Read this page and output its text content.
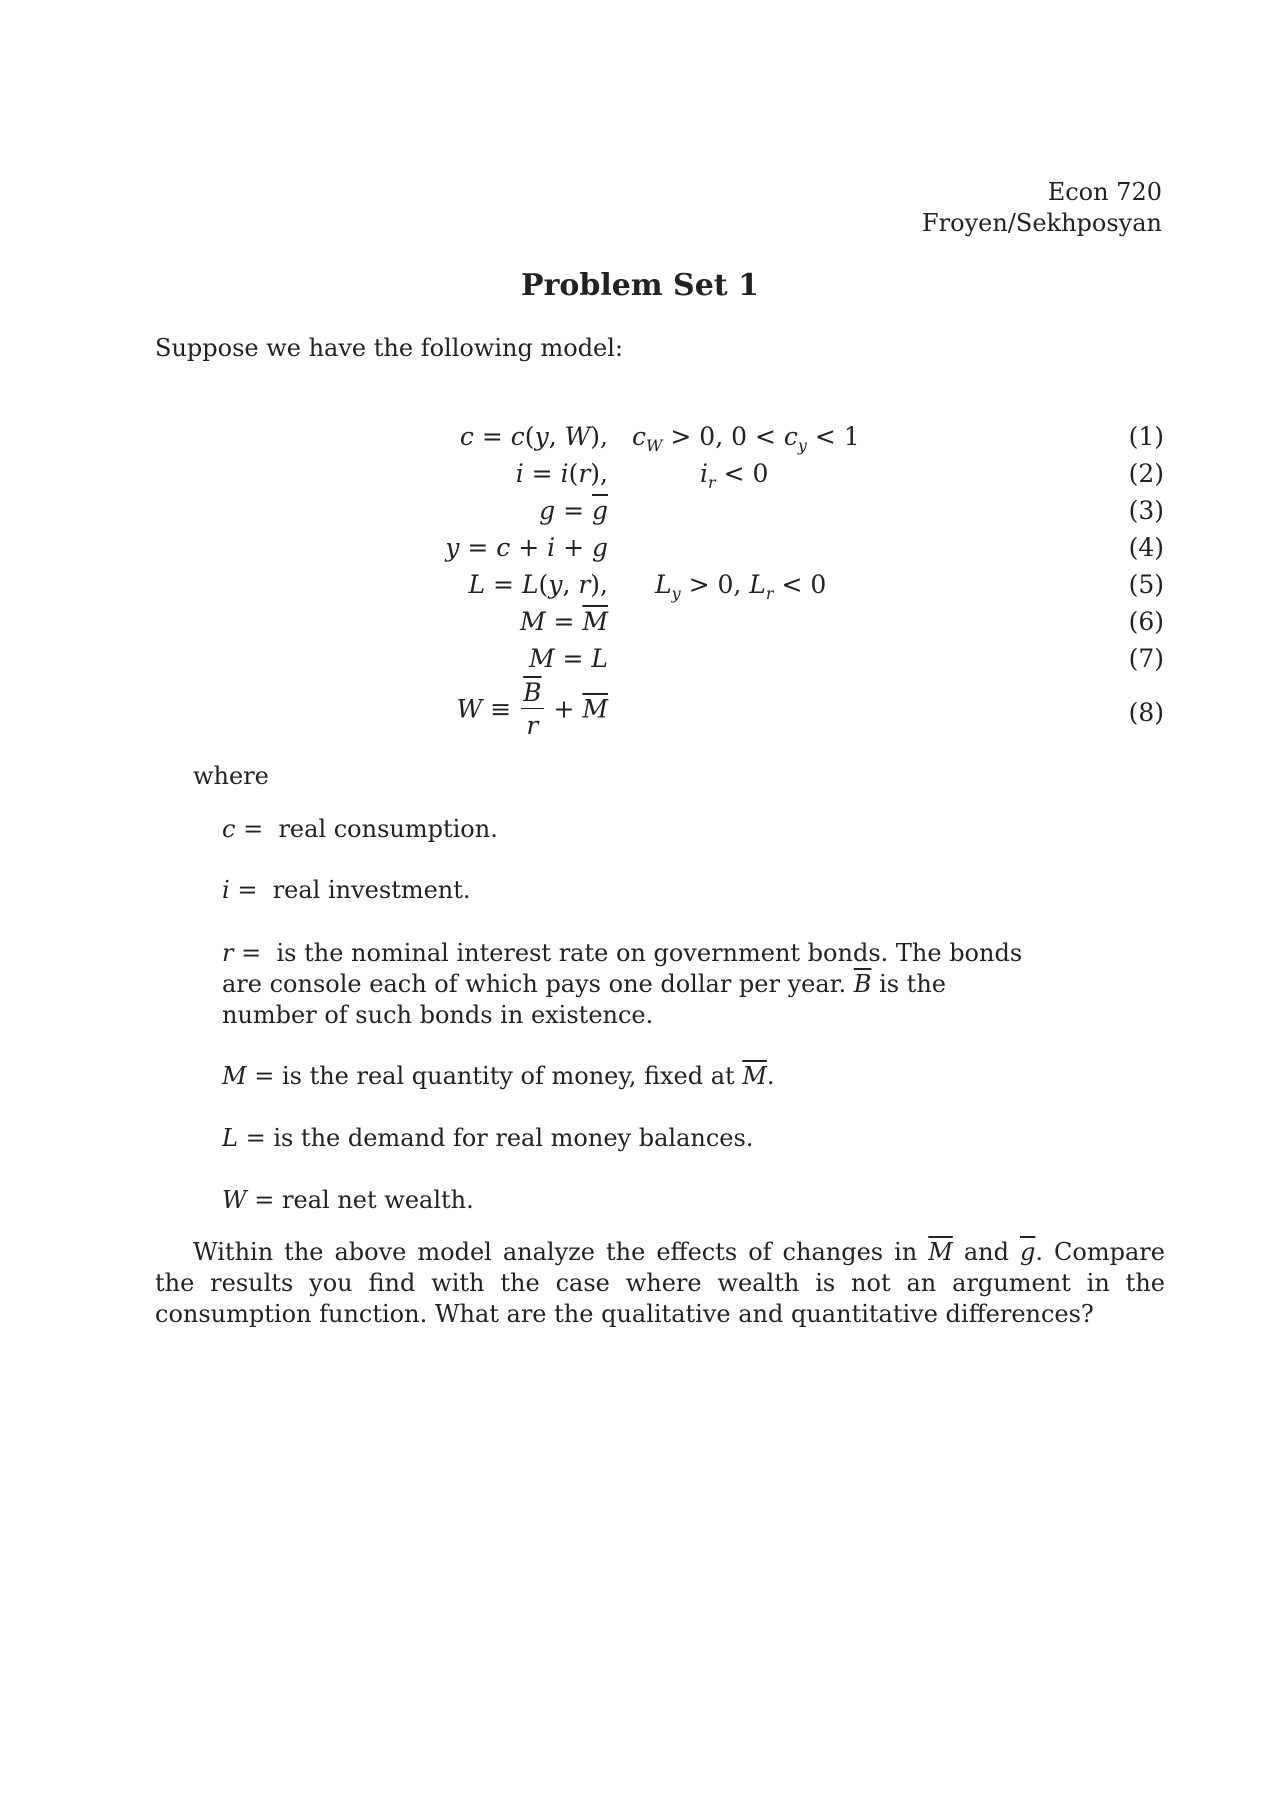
Econ 720
Froyen/Sekhposyan
Problem Set 1
Suppose we have the following model:
c = c(y, W), $c_W > 0$, $0 < c_y < 1$	(1)
i = i(r),	$i_r < 0$	(2)
$g = \overline{g}$	(3)
y = c + i + g	(4)
L = L(y, r), $L_y > 0$, $L_r < 0$	(5)
$M = \overline{M}$	(6)
M = L	(7)
$W \equiv \frac{\overline{B}}{r} + \overline{M}$	(8)
where
c =  real consumption.
i =  real investment.
r =  is the nominal interest rate on government bonds. The bonds are console each of which pays one dollar per year. $\overline{B}$ is the number of such bonds in existence.
M = is the real quantity of money, fixed at $\overline{M}$.
L = is the demand for real money balances.
W = real net wealth.
Within the above model analyze the effects of changes in $\overline{M}$ and $\overline{g}$. Compare the results you find with the case where wealth is not an argument in the consumption function. What are the qualitative and quantitative differences?
